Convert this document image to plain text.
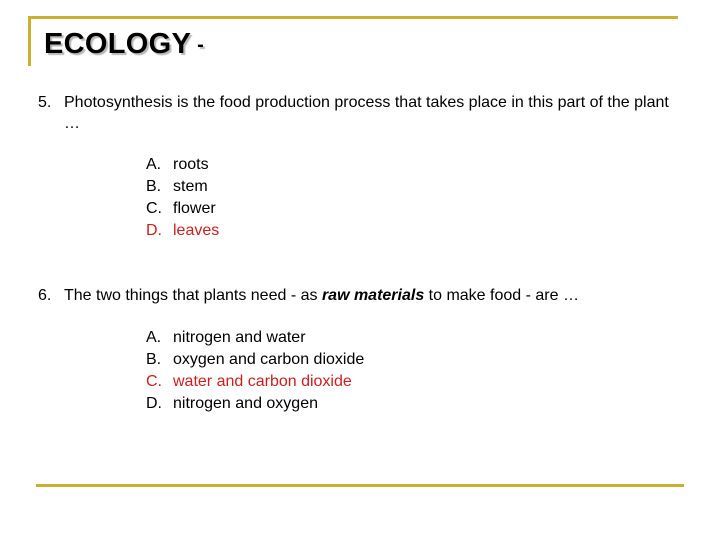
ECOLOGY -
5. Photosynthesis is the food production process that takes place in this part of the plant …
A. roots
B. stem
C. flower
D. leaves
6. The two things that plants need - as raw materials to make food - are …
A. nitrogen and water
B. oxygen and carbon dioxide
C. water and carbon dioxide
D. nitrogen and oxygen
